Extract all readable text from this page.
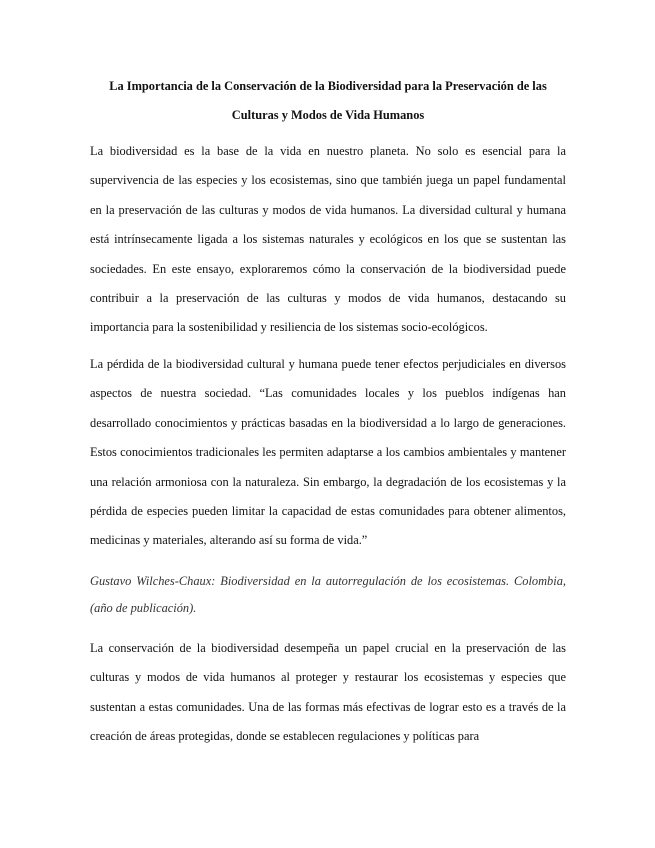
La Importancia de la Conservación de la Biodiversidad para la Preservación de las
Culturas y Modos de Vida Humanos

La biodiversidad es la base de la vida en nuestro planeta. No solo es esencial para la supervivencia de las especies y los ecosistemas, sino que también juega un papel fundamental en la preservación de las culturas y modos de vida humanos. La diversidad cultural y humana está intrínsecamente ligada a los sistemas naturales y ecológicos en los que se sustentan las sociedades. En este ensayo, exploraremos cómo la conservación de la biodiversidad puede contribuir a la preservación de las culturas y modos de vida humanos, destacando su importancia para la sostenibilidad y resiliencia de los sistemas socio-ecológicos.

La pérdida de la biodiversidad cultural y humana puede tener efectos perjudiciales en diversos aspectos de nuestra sociedad. “Las comunidades locales y los pueblos indígenas han desarrollado conocimientos y prácticas basadas en la biodiversidad a lo largo de generaciones. Estos conocimientos tradicionales les permiten adaptarse a los cambios ambientales y mantener una relación armoniosa con la naturaleza. Sin embargo, la degradación de los ecosistemas y la pérdida de especies pueden limitar la capacidad de estas comunidades para obtener alimentos, medicinas y materiales, alterando así su forma de vida.”

Gustavo Wilches-Chaux: Biodiversidad en la autorregulación de los ecosistemas. Colombia, (año de publicación).

La conservación de la biodiversidad desempeña un papel crucial en la preservación de las culturas y modos de vida humanos al proteger y restaurar los ecosistemas y especies que sustentan a estas comunidades. Una de las formas más efectivas de lograr esto es a través de la creación de áreas protegidas, donde se establecen regulaciones y políticas para
